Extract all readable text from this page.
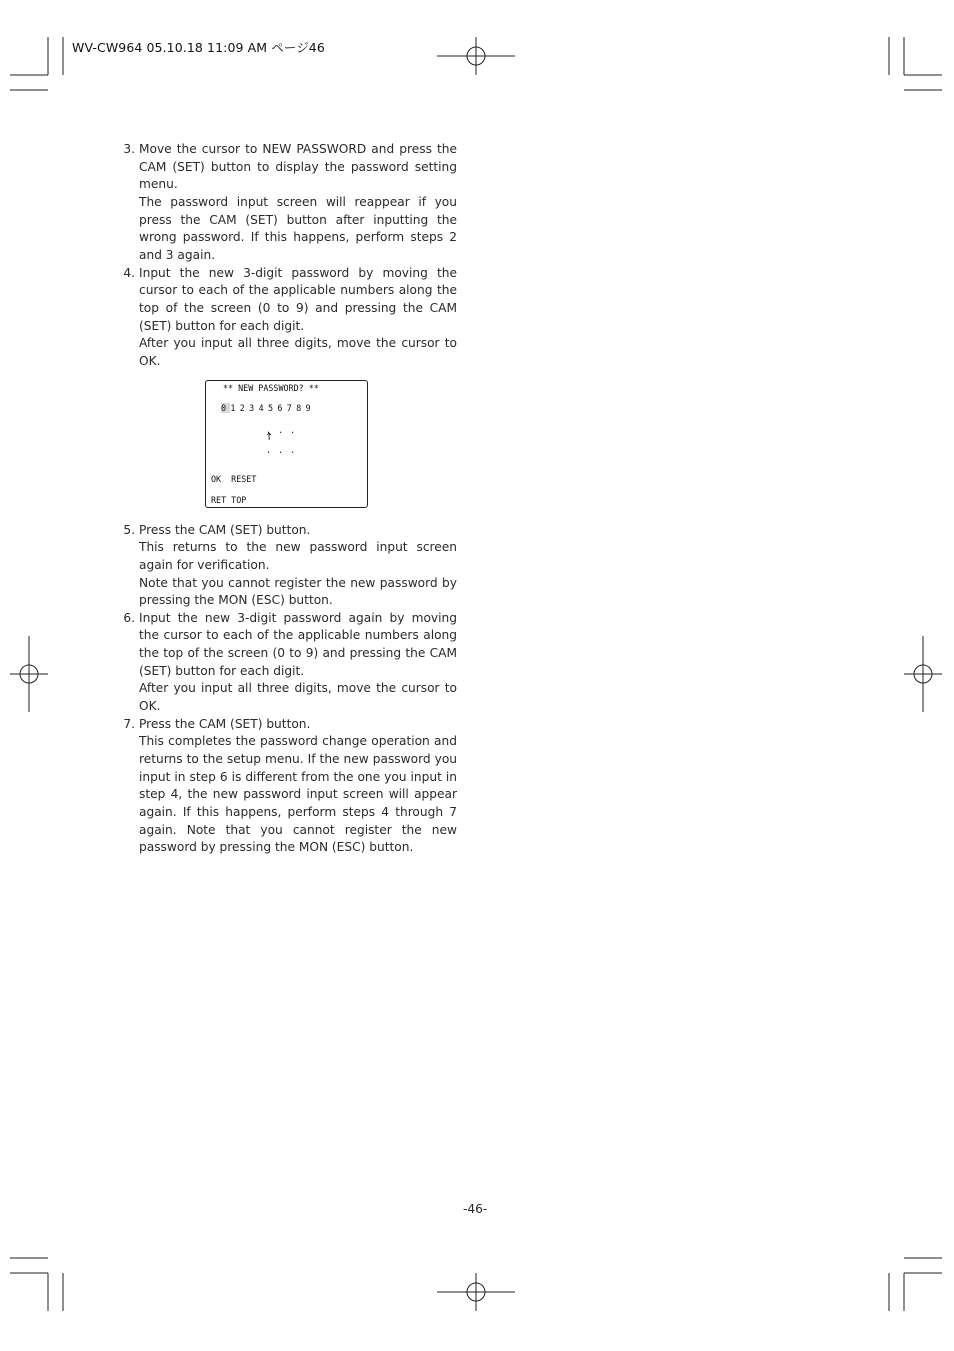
WV-CW964 05.10.18 11:09 AM ページ46
3. Move the cursor to NEW PASSWORD and press the CAM (SET) button to display the password setting menu.

The password input screen will reappear if you press the CAM (SET) button after inputting the wrong password. If this happens, perform steps 2 and 3 again.

4. Input the new 3-digit password by moving the cursor to each of the applicable numbers along the top of the screen (0 to 9) and pressing the CAM (SET) button for each digit.

After you input all three digits, move the cursor to OK.

** NEW PASSWORD? **
0 1 2 3 4 5 6 7 8 9
. . .
↑
. . .
OK  RESET
RET TOP
5. Press the CAM (SET) button.

This returns to the new password input screen again for verification.

Note that you cannot register the new password by pressing the MON (ESC) button.

6. Input the new 3-digit password again by moving the cursor to each of the applicable numbers along the top of the screen (0 to 9) and pressing the CAM (SET) button for each digit.

After you input all three digits, move the cursor to OK.

7. Press the CAM (SET) button.

This completes the password change operation and returns to the setup menu. If the new password you input in step 6 is different from the one you input in step 4, the new password input screen will appear again. If this happens, perform steps 4 through 7 again. Note that you cannot register the new password by pressing the MON (ESC) button.

-46-
